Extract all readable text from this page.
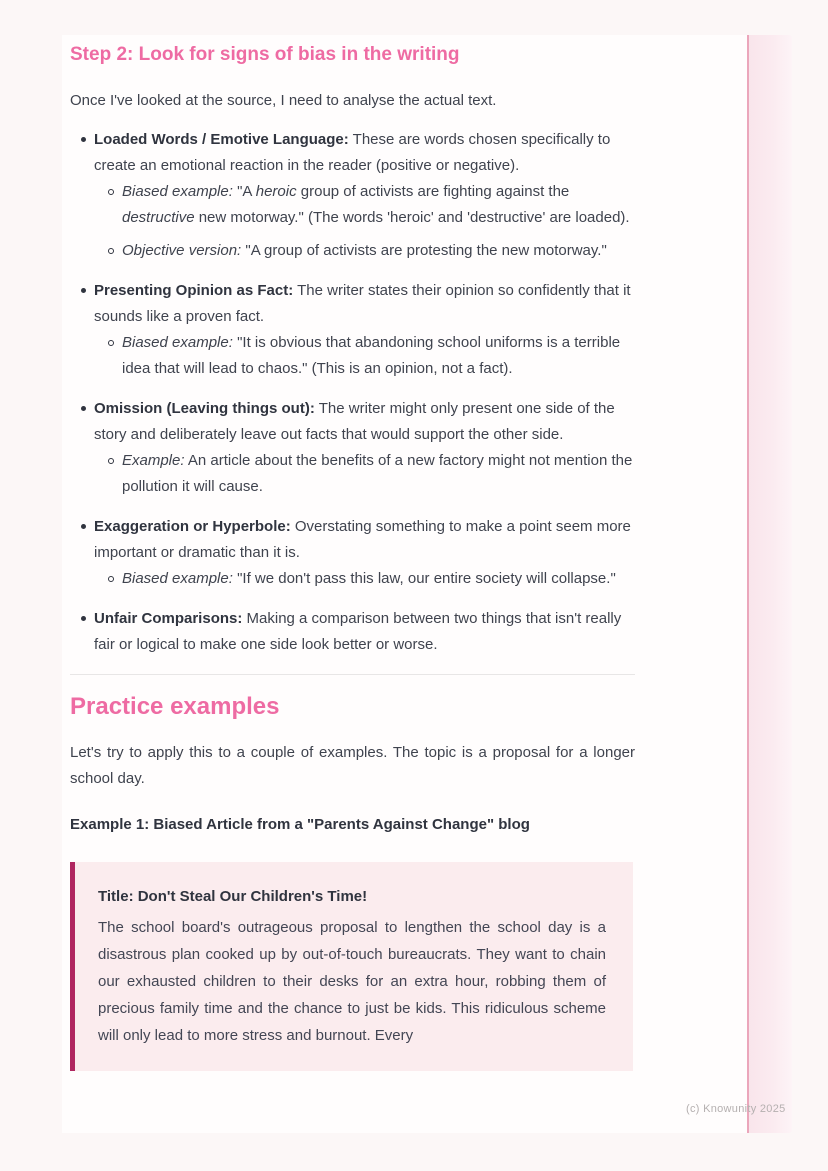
Step 2: Look for signs of bias in the writing

Once I've looked at the source, I need to analyse the actual text.

Loaded Words / Emotive Language: These are words chosen specifically to create an emotional reaction in the reader (positive or negative).
Biased example: "A heroic group of activists are fighting against the destructive new motorway." (The words 'heroic' and 'destructive' are loaded).
Objective version: "A group of activists are protesting the new motorway."
Presenting Opinion as Fact: The writer states their opinion so confidently that it sounds like a proven fact.
Biased example: "It is obvious that abandoning school uniforms is a terrible idea that will lead to chaos." (This is an opinion, not a fact).
Omission (Leaving things out): The writer might only present one side of the story and deliberately leave out facts that would support the other side.
Example: An article about the benefits of a new factory might not mention the pollution it will cause.
Exaggeration or Hyperbole: Overstating something to make a point seem more important or dramatic than it is.
Biased example: "If we don't pass this law, our entire society will collapse."
Unfair Comparisons: Making a comparison between two things that isn't really fair or logical to make one side look better or worse.
Practice examples

Let's try to apply this to a couple of examples. The topic is a proposal for a longer school day.

Example 1: Biased Article from a "Parents Against Change" blog

Title: Don't Steal Our Children's Time!
The school board's outrageous proposal to lengthen the school day is a disastrous plan cooked up by out-of-touch bureaucrats. They want to chain our exhausted children to their desks for an extra hour, robbing them of precious family time and the chance to just be kids. This ridiculous scheme will only lead to more stress and burnout. Every
(c) Knowunity 2025
